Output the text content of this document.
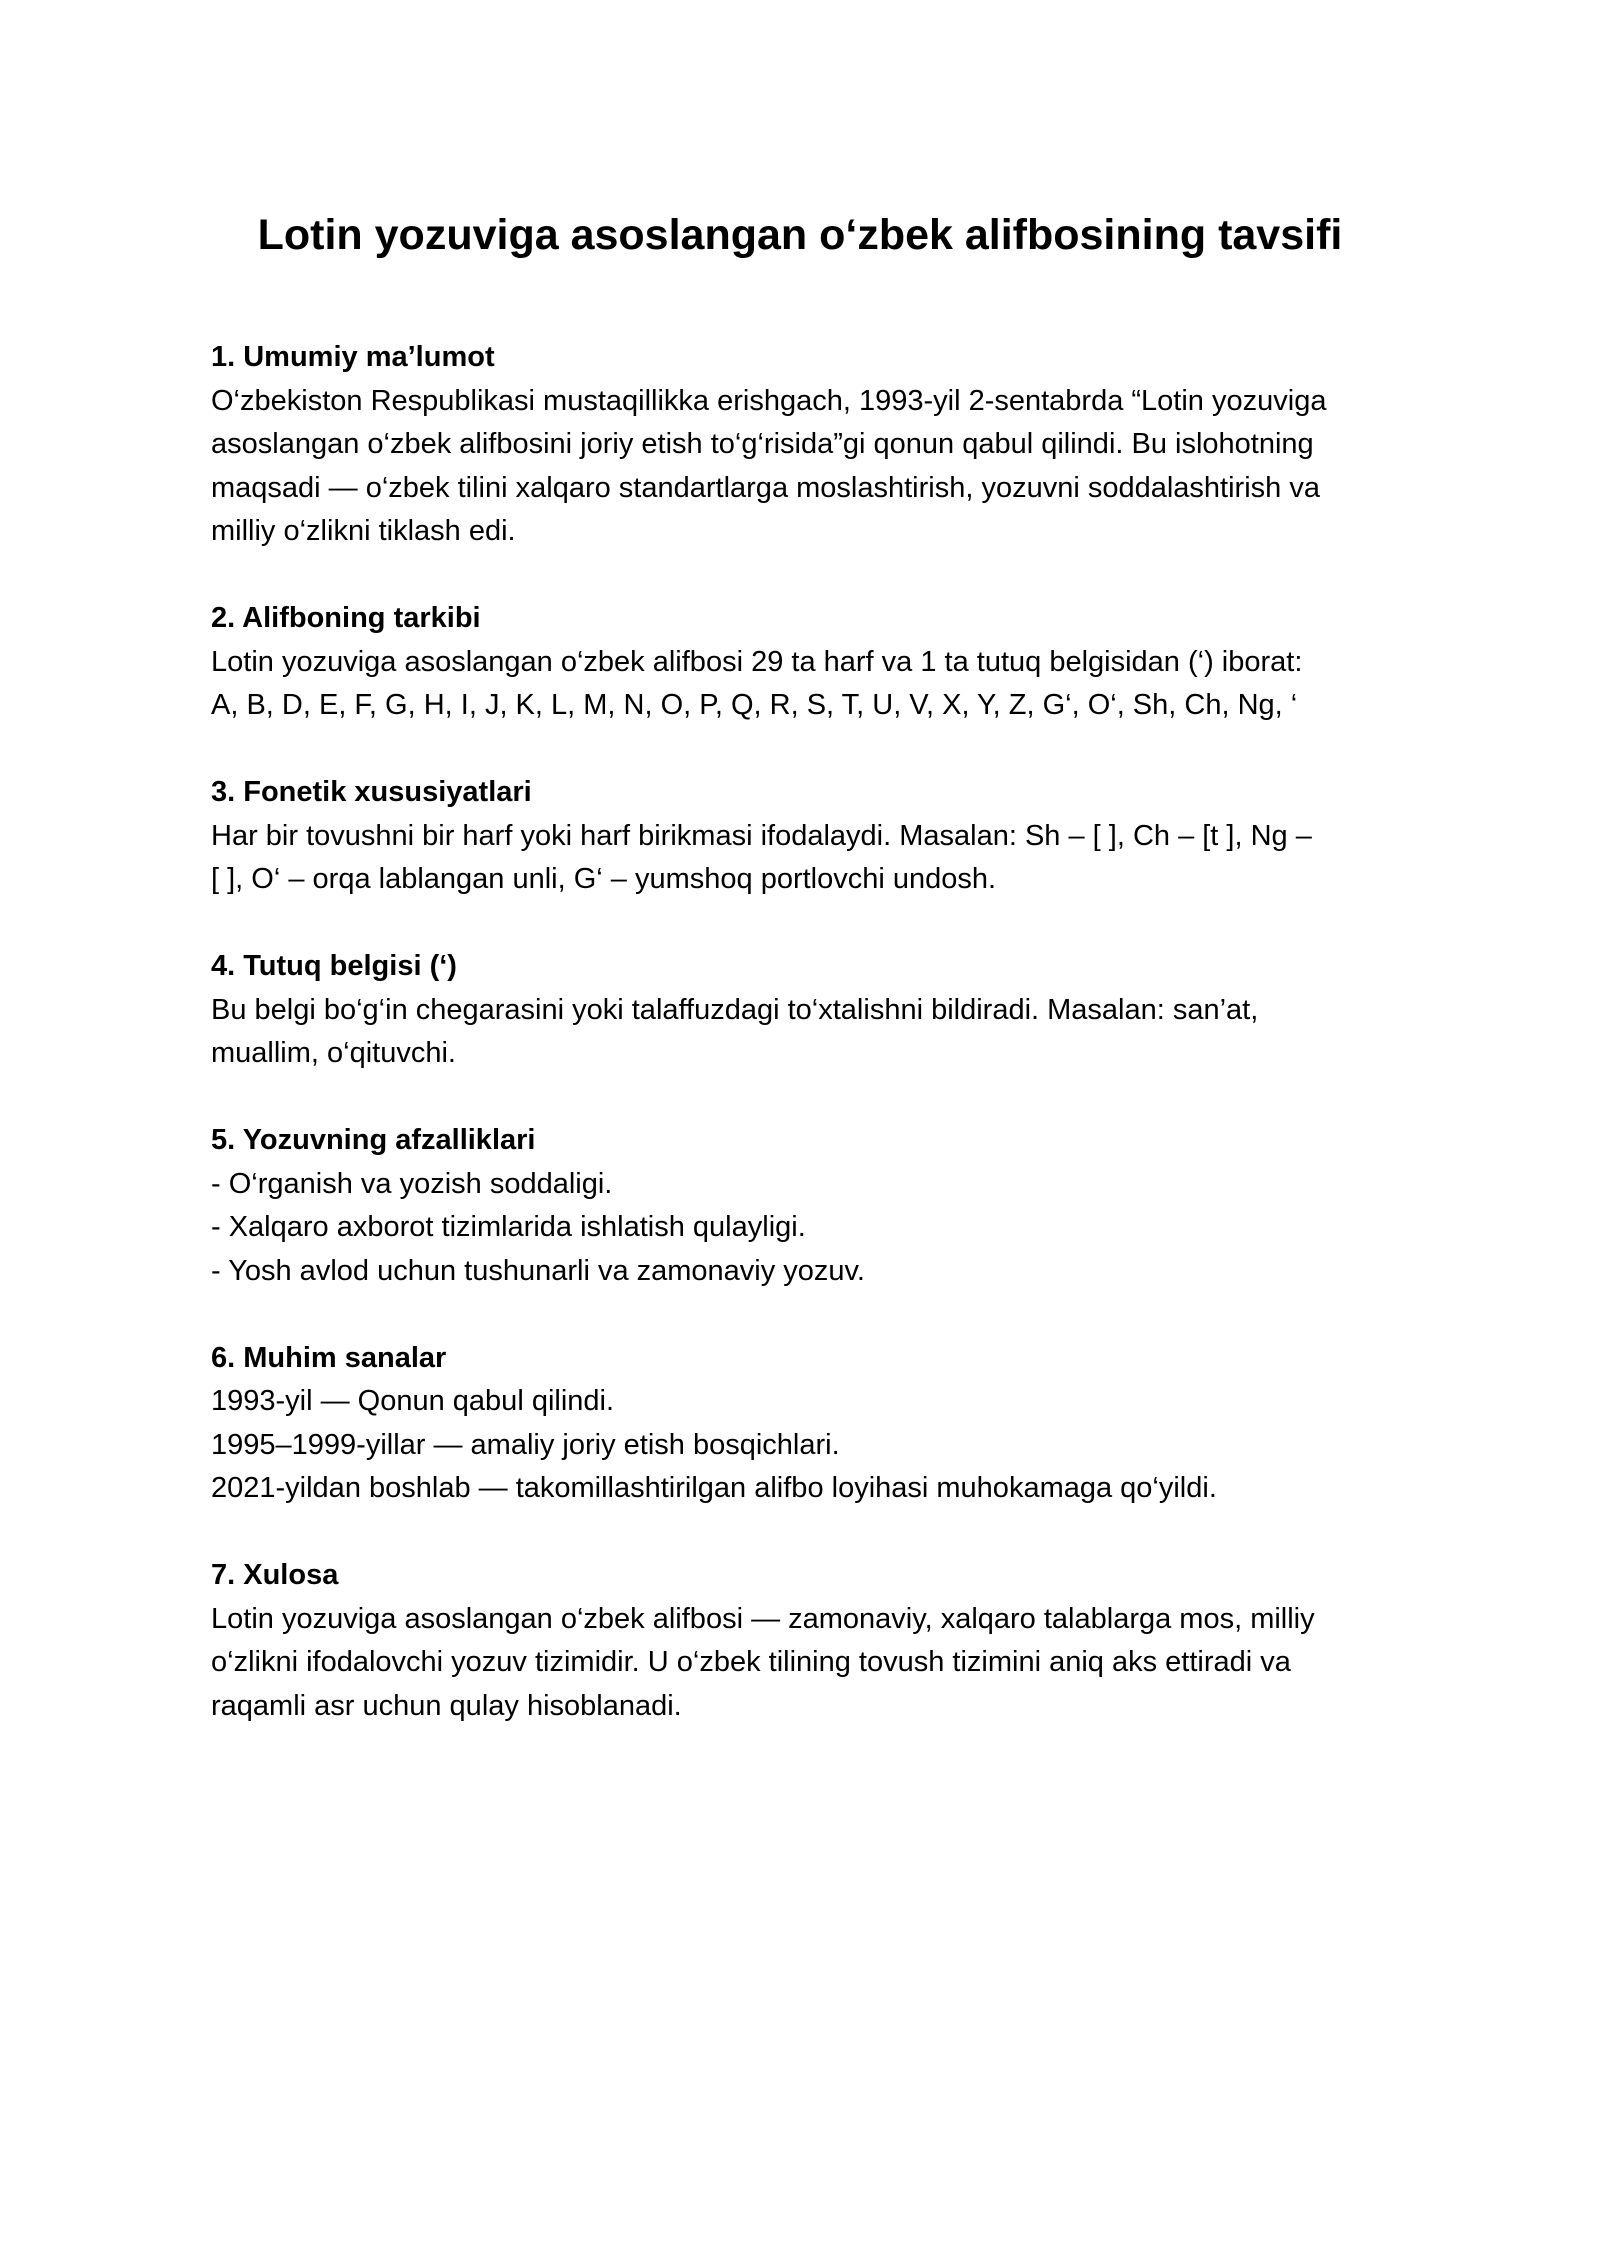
Lotin yozuviga asoslangan o‘zbek alifbosining tavsifi

1. Umumiy ma’lumot

O‘zbekiston Respublikasi mustaqillikka erishgach, 1993-yil 2-sentabrda “Lotin yozuviga

asoslangan o‘zbek alifbosini joriy etish to‘g‘risida”gi qonun qabul qilindi. Bu islohotning

maqsadi — o‘zbek tilini xalqaro standartlarga moslashtirish, yozuvni soddalashtirish va

milliy o‘zlikni tiklash edi.

2. Alifboning tarkibi

Lotin yozuviga asoslangan o‘zbek alifbosi 29 ta harf va 1 ta tutuq belgisidan (‘) iborat:

A, B, D, E, F, G, H, I, J, K, L, M, N, O, P, Q, R, S, T, U, V, X, Y, Z, G‘, O‘, Sh, Ch, Ng, ‘

3. Fonetik xususiyatlari

Har bir tovushni bir harf yoki harf birikmasi ifodalaydi. Masalan: Sh – [ ], Ch – [t ], Ng –

[ ], O‘ – orqa lablangan unli, G‘ – yumshoq portlovchi undosh.

4. Tutuq belgisi (‘)

Bu belgi bo‘g‘in chegarasini yoki talaffuzdagi to‘xtalishni bildiradi. Masalan: san’at,

muallim, o‘qituvchi.

5. Yozuvning afzalliklari

- O‘rganish va yozish soddaligi.

- Xalqaro axborot tizimlarida ishlatish qulayligi.

- Yosh avlod uchun tushunarli va zamonaviy yozuv.

6. Muhim sanalar

1993-yil — Qonun qabul qilindi.

1995–1999-yillar — amaliy joriy etish bosqichlari.

2021-yildan boshlab — takomillashtirilgan alifbo loyihasi muhokamaga qo‘yildi.

7. Xulosa

Lotin yozuviga asoslangan o‘zbek alifbosi — zamonaviy, xalqaro talablarga mos, milliy

o‘zlikni ifodalovchi yozuv tizimidir. U o‘zbek tilining tovush tizimini aniq aks ettiradi va

raqamli asr uchun qulay hisoblanadi.
